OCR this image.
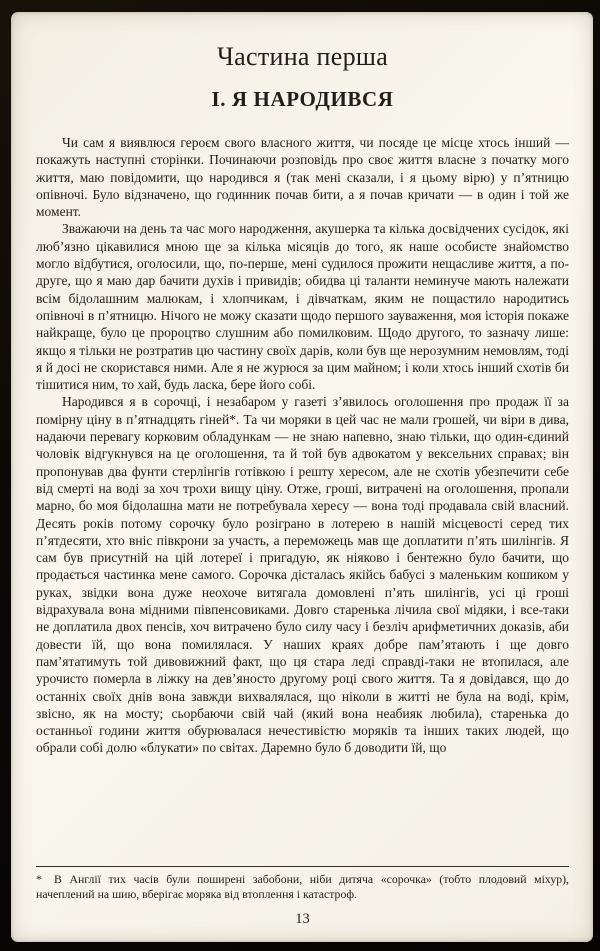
Частина перша
І. Я НАРОДИВСЯ

Чи сам я виявлюся героєм свого власного життя, чи посяде це місце хтось інший — покажуть наступні сторінки. Починаючи розповідь про своє життя власне з початку мого життя, маю повідомити, що народився я (так мені сказали, і я цьому вірю) у п’ятницю опівночі. Було відзначено, що годинник почав бити, а я почав кричати — в один і той же момент.

Зважаючи на день та час мого народження, акушерка та кілька досвідчених сусідок, які люб’язно цікавилися мною ще за кілька місяців до того, як наше особисте знайомство могло відбутися, оголосили, що, по-перше, мені судилося прожити нещасливе життя, а по-друге, що я маю дар бачити духів і привидів; обидва ці таланти неминуче мають належати всім бідолашним малюкам, і хлопчикам, і дівчаткам, яким не пощастило народитись опівночі в п’ятницю. Нічого не можу сказати щодо першого зауваження, моя історія покаже найкраще, було це пророцтво слушним або помилковим. Щодо другого, то зазначу лише: якщо я тільки не розтратив цю частину своїх дарів, коли був ще нерозумним немовлям, тоді я й досі не скористався ними. Але я не журюся за цим майном; і коли хтось інший схотів би тішитися ним, то хай, будь ласка, бере його собі.

Народився я в сорочці, і незабаром у газеті з’явилось оголошення про продаж її за помірну ціну в п’ятнадцять гіней*. Та чи моряки в цей час не мали грошей, чи віри в дива, надаючи перевагу корковим обладункам — не знаю напевно, знаю тільки, що один-єдиний чоловік відгукнувся на це оголошення, та й той був адвокатом у вексельних справах; він пропонував два фунти стерлінгів готівкою і решту хересом, але не схотів убезпечити себе від смерті на воді за хоч трохи вищу ціну. Отже, гроші, витрачені на оголошення, пропали марно, бо моя бідолашна мати не потребувала хересу — вона тоді продавала свій власний. Десять років потому сорочку було розіграно в лотерею в нашій місцевості серед тих п’ятдесяти, хто вніс півкрони за участь, а переможець мав ще доплатити п’ять шилінгів. Я сам був присутній на цій лотереї і пригадую, як ніяково і бентежно було бачити, що продається частинка мене самого. Сорочка дісталась якійсь бабусі з маленьким кошиком у руках, звідки вона дуже неохоче витягала домовлені п’ять шилінгів, усі ці гроші відрахувала вона мідними півпенсовиками. Довго старенька лічила свої мідяки, і все-таки не доплатила двох пенсів, хоч витрачено було силу часу і безліч арифметичних доказів, аби довести їй, що вона помилялася. У наших краях добре пам’ятають і ще довго пам’ятатимуть той дивовижний факт, що ця стара леді справді-таки не втопилася, але урочисто померла в ліжку на дев’яносто другому році свого життя. Та я довідався, що до останніх своїх днів вона завжди вихвалялася, що ніколи в житті не була на воді, крім, звісно, як на мосту; сьорбаючи свій чай (який вона неабияк любила), старенька до останньої години життя обурювалася нечестивістю моряків та інших таких людей, що обрали собі долю «блукати» по світах. Даремно було б доводити їй, що

* В Англії тих часів були поширені забобони, ніби дитяча «сорочка» (тобто плодовий міхур), начеплений на шию, вберігає моряка від втоплення і катастроф.

13
